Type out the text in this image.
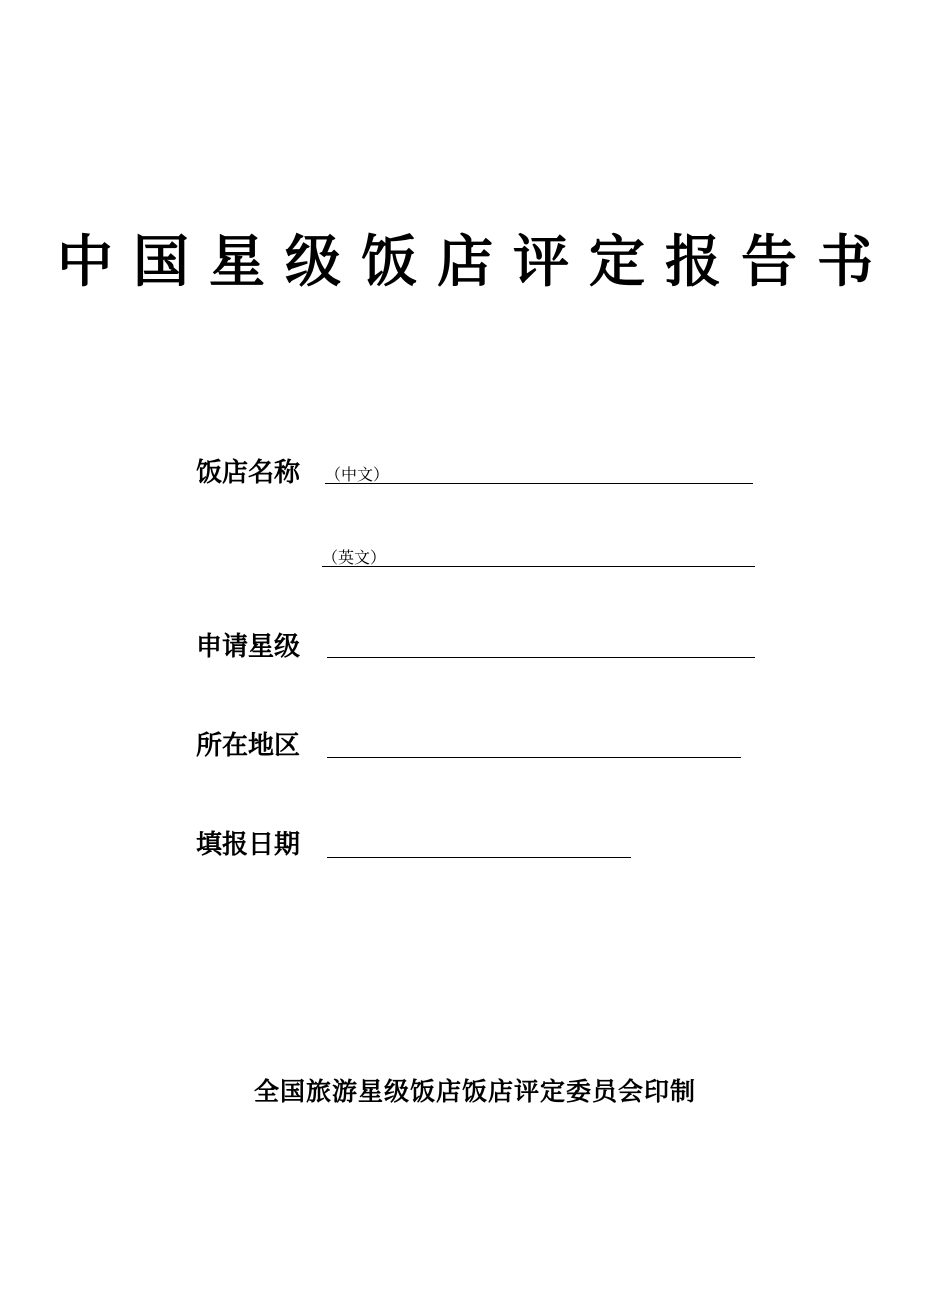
中国星级饭店评定报告书
饭店名称 （中文）
（英文）
申请星级
所在地区
填报日期
全国旅游星级饭店饭店评定委员会印制
